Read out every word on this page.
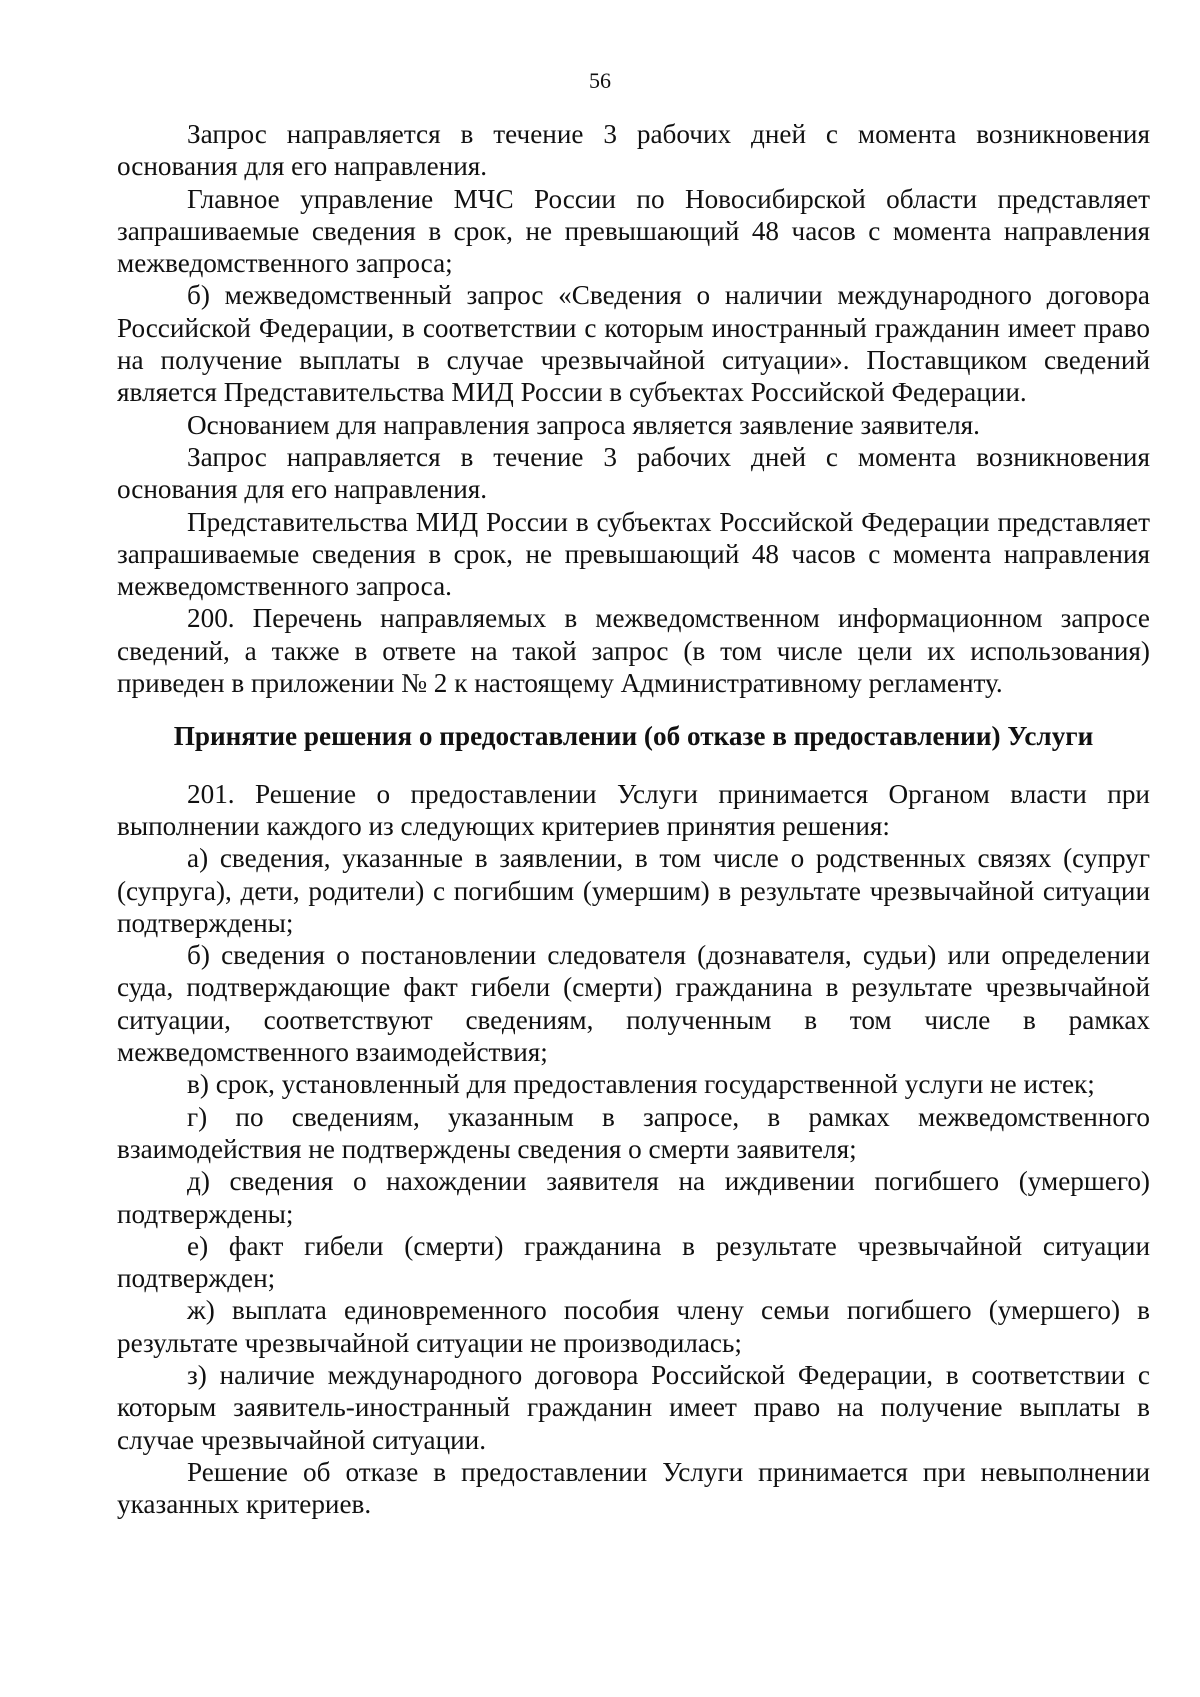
56

Запрос направляется в течение 3 рабочих дней с момента возникновения основания для его направления.

Главное управление МЧС России по Новосибирской области представляет запрашиваемые сведения в срок, не превышающий 48 часов с момента направления межведомственного запроса;

б) межведомственный запрос «Сведения о наличии международного договора Российской Федерации, в соответствии с которым иностранный гражданин имеет право на получение выплаты в случае чрезвычайной ситуации». Поставщиком сведений является Представительства МИД России в субъектах Российской Федерации.

Основанием для направления запроса является заявление заявителя.

Запрос направляется в течение 3 рабочих дней с момента возникновения основания для его направления.

Представительства МИД России в субъектах Российской Федерации представляет запрашиваемые сведения в срок, не превышающий 48 часов с момента направления межведомственного запроса.

200. Перечень направляемых в межведомственном информационном запросе сведений, а также в ответе на такой запрос (в том числе цели их использования) приведен в приложении № 2 к настоящему Административному регламенту.

Принятие решения о предоставлении (об отказе в предоставлении) Услуги

201. Решение о предоставлении Услуги принимается Органом власти при выполнении каждого из следующих критериев принятия решения:

а) сведения, указанные в заявлении, в том числе о родственных связях (супруг (супруга), дети, родители) с погибшим (умершим) в результате чрезвычайной ситуации подтверждены;

б) сведения о постановлении следователя (дознавателя, судьи) или определении суда, подтверждающие факт гибели (смерти) гражданина в результате чрезвычайной ситуации, соответствуют сведениям, полученным в том числе в рамках межведомственного взаимодействия;

в) срок, установленный для предоставления государственной услуги не истек;

г) по сведениям, указанным в запросе, в рамках межведомственного взаимодействия не подтверждены сведения о смерти заявителя;

д) сведения о нахождении заявителя на иждивении погибшего (умершего) подтверждены;

е) факт гибели (смерти) гражданина в результате чрезвычайной ситуации подтвержден;

ж) выплата единовременного пособия члену семьи погибшего (умершего) в результате чрезвычайной ситуации не производилась;

з) наличие международного договора Российской Федерации, в соответствии с которым заявитель-иностранный гражданин имеет право на получение выплаты в случае чрезвычайной ситуации.

Решение об отказе в предоставлении Услуги принимается при невыполнении указанных критериев.
